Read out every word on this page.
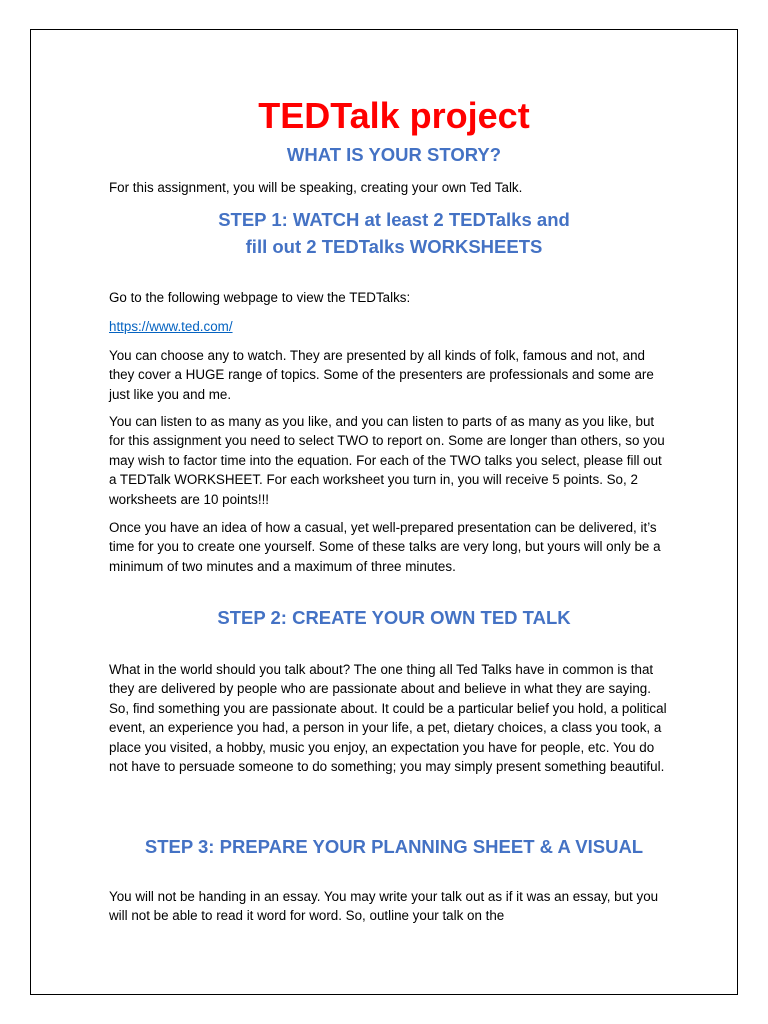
TEDTalk project
WHAT IS YOUR STORY?
For this assignment, you will be speaking, creating your own Ted Talk.
STEP 1: WATCH at least 2 TEDTalks and
fill out 2 TEDTalks WORKSHEETS
Go to the following webpage to view the TEDTalks:
https://www.ted.com/
You can choose any to watch. They are presented by all kinds of folk, famous and not, and they cover a HUGE range of topics. Some of the presenters are professionals and some are just like you and me.
You can listen to as many as you like, and you can listen to parts of as many as you like, but for this assignment you need to select TWO to report on. Some are longer than others, so you may wish to factor time into the equation. For each of the TWO talks you select, please fill out a TEDTalk WORKSHEET. For each worksheet you turn in, you will receive 5 points. So, 2 worksheets are 10 points!!!
Once you have an idea of how a casual, yet well-prepared presentation can be delivered, it’s time for you to create one yourself. Some of these talks are very long, but yours will only be a minimum of two minutes and a maximum of three minutes.
STEP 2: CREATE YOUR OWN TED TALK
What in the world should you talk about? The one thing all Ted Talks have in common is that they are delivered by people who are passionate about and believe in what they are saying. So, find something you are passionate about. It could be a particular belief you hold, a political event, an experience you had, a person in your life, a pet, dietary choices, a class you took, a place you visited, a hobby, music you enjoy, an expectation you have for people, etc. You do not have to persuade someone to do something; you may simply present something beautiful.
STEP 3: PREPARE YOUR PLANNING SHEET & A VISUAL
You will not be handing in an essay. You may write your talk out as if it was an essay, but you will not be able to read it word for word. So, outline your talk on the
